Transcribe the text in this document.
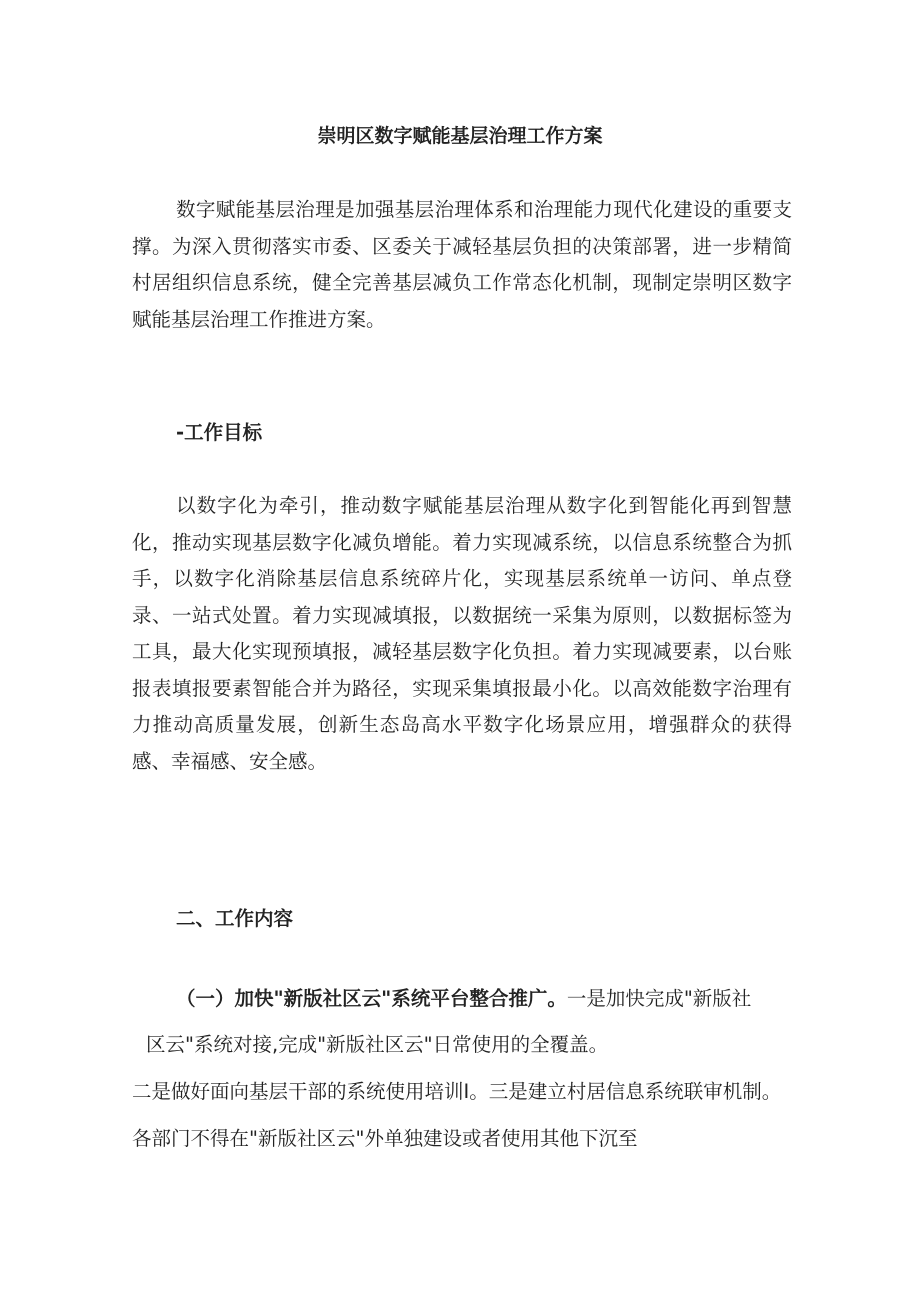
崇明区数字赋能基层治理工作方案

数字赋能基层治理是加强基层治理体系和治理能力现代化建设的重要支撑。为深入贯彻落实市委、区委关于减轻基层负担的决策部署，进一步精简村居组织信息系统，健全完善基层减负工作常态化机制，现制定崇明区数字赋能基层治理工作推进方案。

-工作目标

以数字化为牵引，推动数字赋能基层治理从数字化到智能化再到智慧化，推动实现基层数字化减负增能。着力实现减系统，以信息系统整合为抓手，以数字化消除基层信息系统碎片化，实现基层系统单一访问、单点登录、一站式处置。着力实现减填报，以数据统一采集为原则，以数据标签为工具，最大化实现预填报，减轻基层数字化负担。着力实现减要素，以台账报表填报要素智能合并为路径，实现采集填报最小化。以高效能数字治理有力推动高质量发展，创新生态岛高水平数字化场景应用，增强群众的获得感、幸福感、安全感。

二、工作内容

（一）加快"新版社区云"系统平台整合推广。一是加快完成"新版社

区云"系统对接,完成"新版社区云"日常使用的全覆盖。

二是做好面向基层干部的系统使用培训I。三是建立村居信息系统联审机制。

各部门不得在"新版社区云"外单独建设或者使用其他下沉至
